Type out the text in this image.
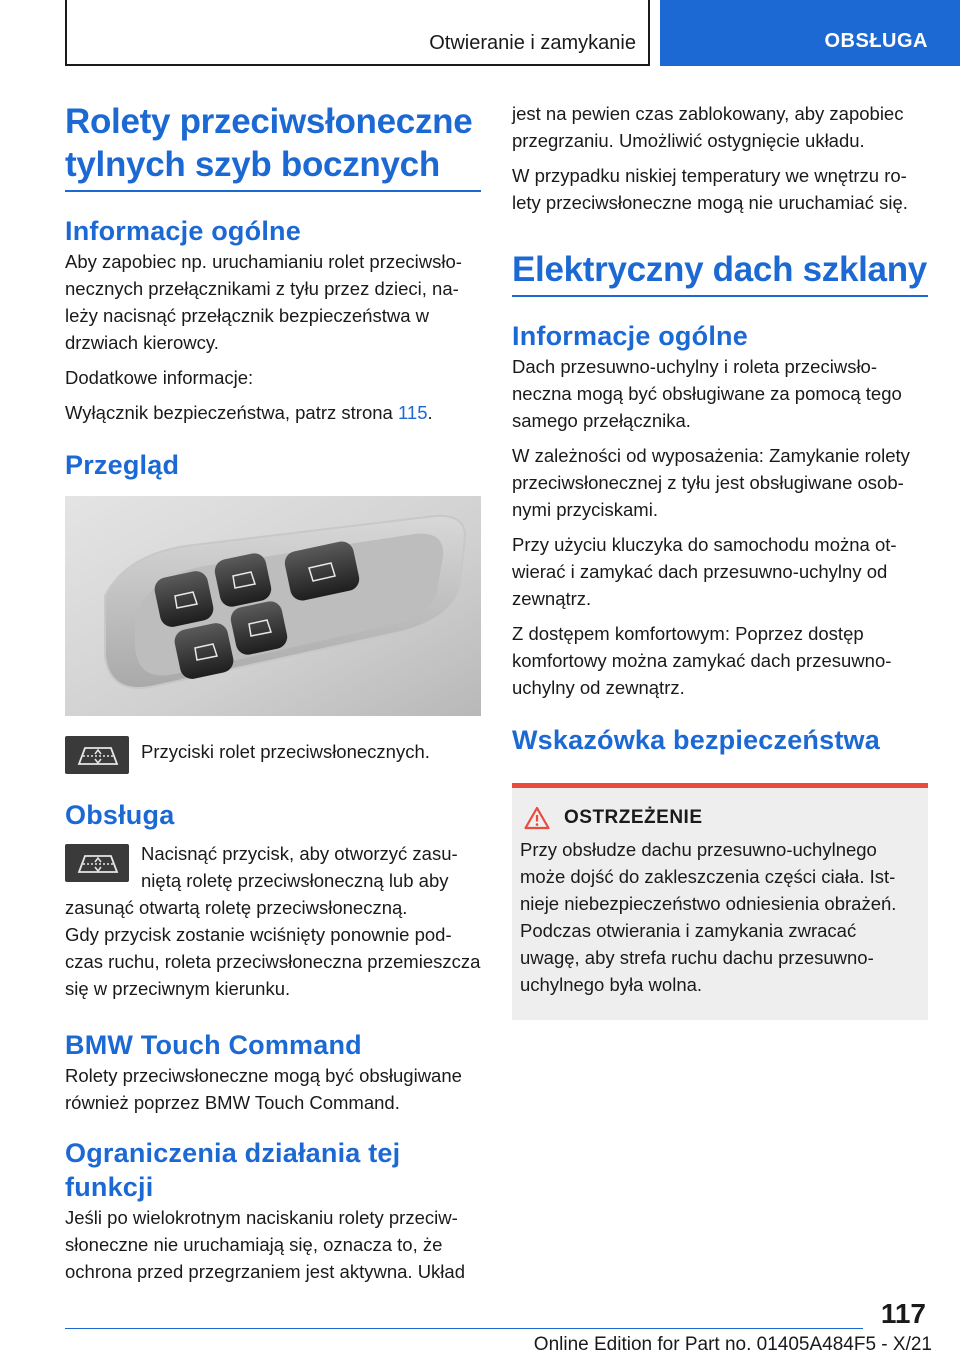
Otwieranie i zamykanie	OBSŁUGA
Rolety przeciwsłoneczne tylnych szyb bocznych
Informacje ogólne

Aby zapobiec np. uruchamianiu rolet przeciwsłonecznych przełącznikami z tyłu przez dzieci, należy nacisnąć przełącznik bezpieczeństwa w drzwiach kierowcy.

Dodatkowe informacje:

Wyłącznik bezpieczeństwa, patrz strona 115.

Przegląd

Przyciski rolet przeciwsłonecznych.

Obsługa

Nacisnąć przycisk, aby otworzyć zasuniętą roletę przeciwsłoneczną lub aby zasunąć otwartą roletę przeciwsłoneczną.

Gdy przycisk zostanie wciśnięty ponownie podczas ruchu, roleta przeciwsłoneczna przemieszcza się w przeciwnym kierunku.

BMW Touch Command

Rolety przeciwsłoneczne mogą być obsługiwane również poprzez BMW Touch Command.

Ograniczenia działania tej funkcji

Jeśli po wielokrotnym naciskaniu rolety przeciwsłoneczne nie uruchamiają się, oznacza to, że ochrona przed przegrzaniem jest aktywna. Układ

jest na pewien czas zablokowany, aby zapobiec przegrzaniu. Umożliwić ostygnięcie układu.

W przypadku niskiej temperatury we wnętrzu rolety przeciwsłoneczne mogą nie uruchamiać się.

Elektryczny dach szklany
Informacje ogólne

Dach przesuwno-uchylny i roleta przeciwsłoneczna mogą być obsługiwane za pomocą tego samego przełącznika.

W zależności od wyposażenia: Zamykanie rolety przeciwsłonecznej z tyłu jest obsługiwane osobnymi przyciskami.

Przy użyciu kluczyka do samochodu można otwierać i zamykać dach przesuwno-uchylny od zewnątrz.

Z dostępem komfortowym: Poprzez dostęp komfortowy można zamykać dach przesuwno-uchylny od zewnątrz.

Wskazówka bezpieczeństwa
OSTRZEŻENIE

Przy obsłudze dachu przesuwno-uchylnego może dojść do zakleszczenia części ciała. Istnieje niebezpieczeństwo odniesienia obrażeń. Podczas otwierania i zamykania zwracać uwagę, aby strefa ruchu dachu przesuwno-uchylnego była wolna.

117
Online Edition for Part no. 01405A484F5 - X/21
